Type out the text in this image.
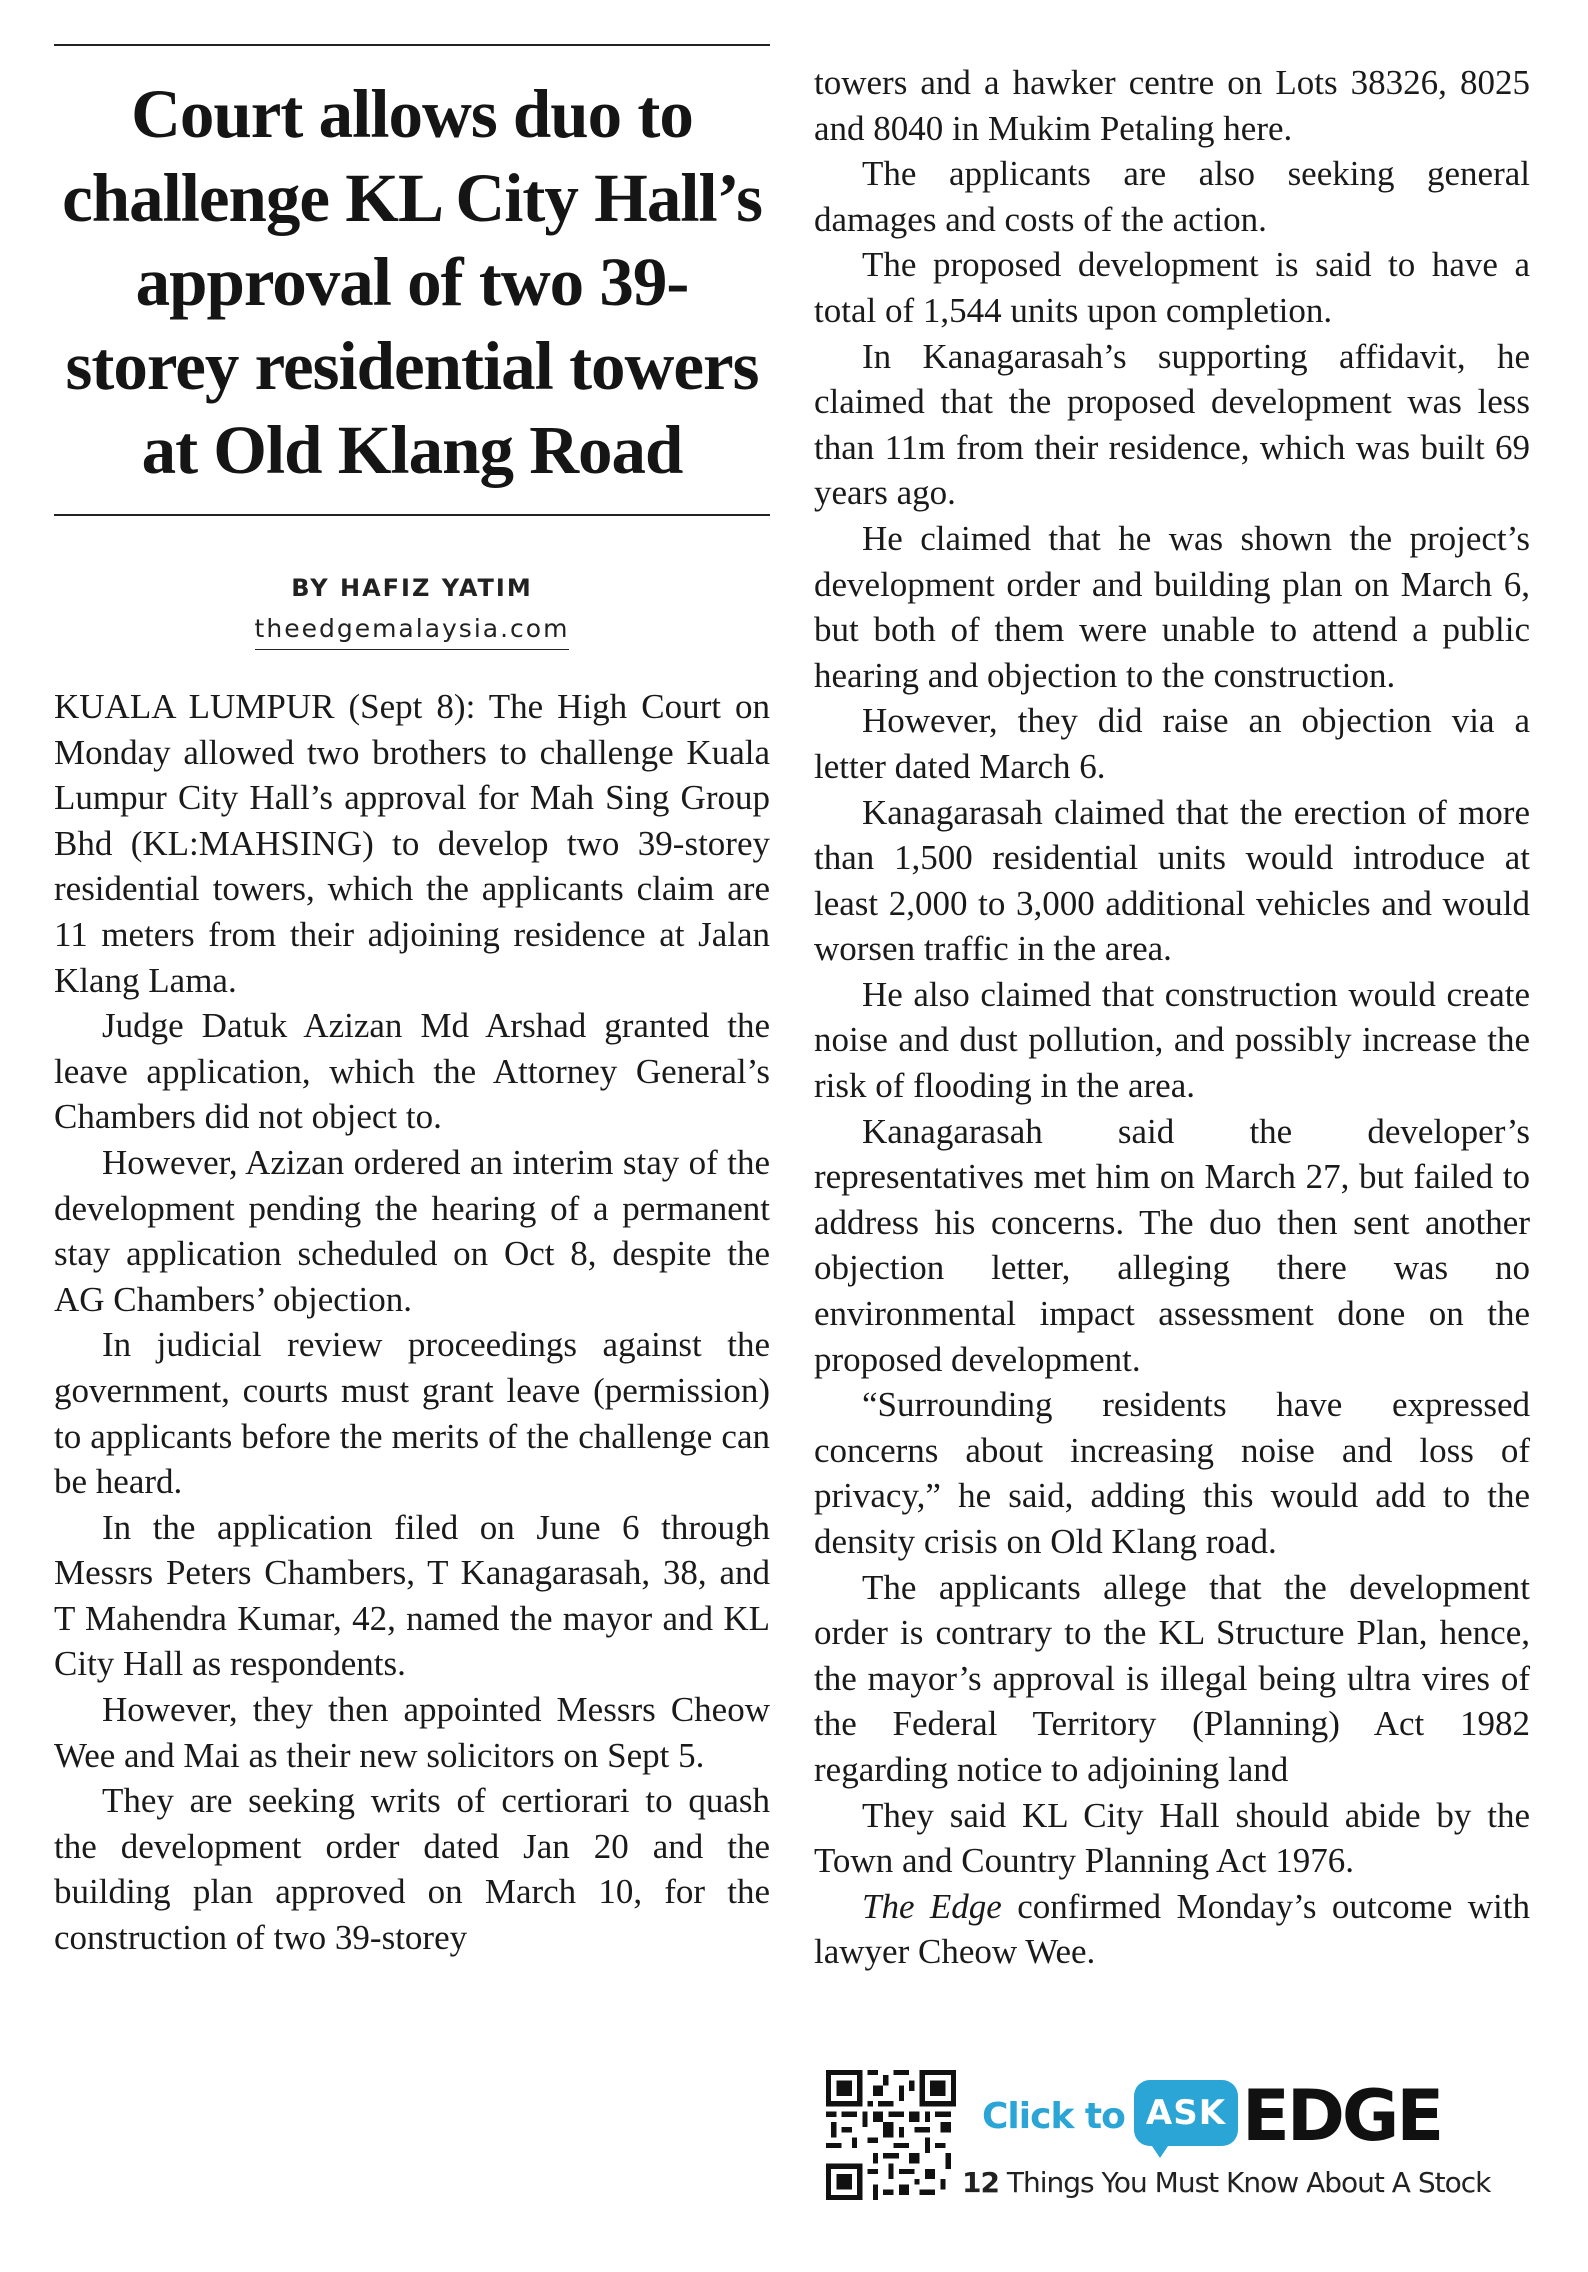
Court allows duo to challenge KL City Hall’s approval of two 39-storey residential towers at Old Klang Road
BY HAFIZ YATIM
theedgemalaysia.com

KUALA LUMPUR (Sept 8): The High Court on Monday allowed two brothers to challenge Kuala Lumpur City Hall’s approval for Mah Sing Group Bhd (KL:MAHSING) to develop two 39-storey residential towers, which the applicants claim are 11 meters from their adjoining residence at Jalan Klang Lama.

Judge Datuk Azizan Md Arshad granted the leave application, which the Attorney General’s Chambers did not object to.

However, Azizan ordered an interim stay of the development pending the hearing of a permanent stay application scheduled on Oct 8, despite the AG Chambers’ objection.

In judicial review proceedings against the government, courts must grant leave (permission) to applicants before the merits of the challenge can be heard.

In the application filed on June 6 through Messrs Peters Chambers, T Kanagarasah, 38, and T Mahendra Kumar, 42, named the mayor and KL City Hall as respondents.

However, they then appointed Messrs Cheow Wee and Mai as their new solicitors on Sept 5.

They are seeking writs of certiorari to quash the development order dated Jan 20 and the building plan approved on March 10, for the construction of two 39-storey

towers and a hawker centre on Lots 38326, 8025 and 8040 in Mukim Petaling here.

The applicants are also seeking general damages and costs of the action.

The proposed development is said to have a total of 1,544 units upon completion.

In Kanagarasah’s supporting affidavit, he claimed that the proposed development was less than 11m from their residence, which was built 69 years ago.

He claimed that he was shown the project’s development order and building plan on March 6, but both of them were unable to attend a public hearing and objection to the construction.

However, they did raise an objection via a letter dated March 6.

Kanagarasah claimed that the erection of more than 1,500 residential units would introduce at least 2,000 to 3,000 additional vehicles and would worsen traffic in the area.

He also claimed that construction would create noise and dust pollution, and possibly increase the risk of flooding in the area.

Kanagarasah said the developer’s representatives met him on March 27, but failed to address his concerns. The duo then sent another objection letter, alleging there was no environmental impact assessment done on the proposed development.

“Surrounding residents have expressed concerns about increasing noise and loss of privacy,” he said, adding this would add to the density crisis on Old Klang road.

The applicants allege that the development order is contrary to the KL Structure Plan, hence, the mayor’s approval is illegal being ultra vires of the Federal Territory (Planning) Act 1982 regarding notice to adjoining land

They said KL City Hall should abide by the Town and Country Planning Act 1976.

The Edge confirmed Monday’s outcome with lawyer Cheow Wee.

Click to ASK EDGE
12 Things You Must Know About A Stock
